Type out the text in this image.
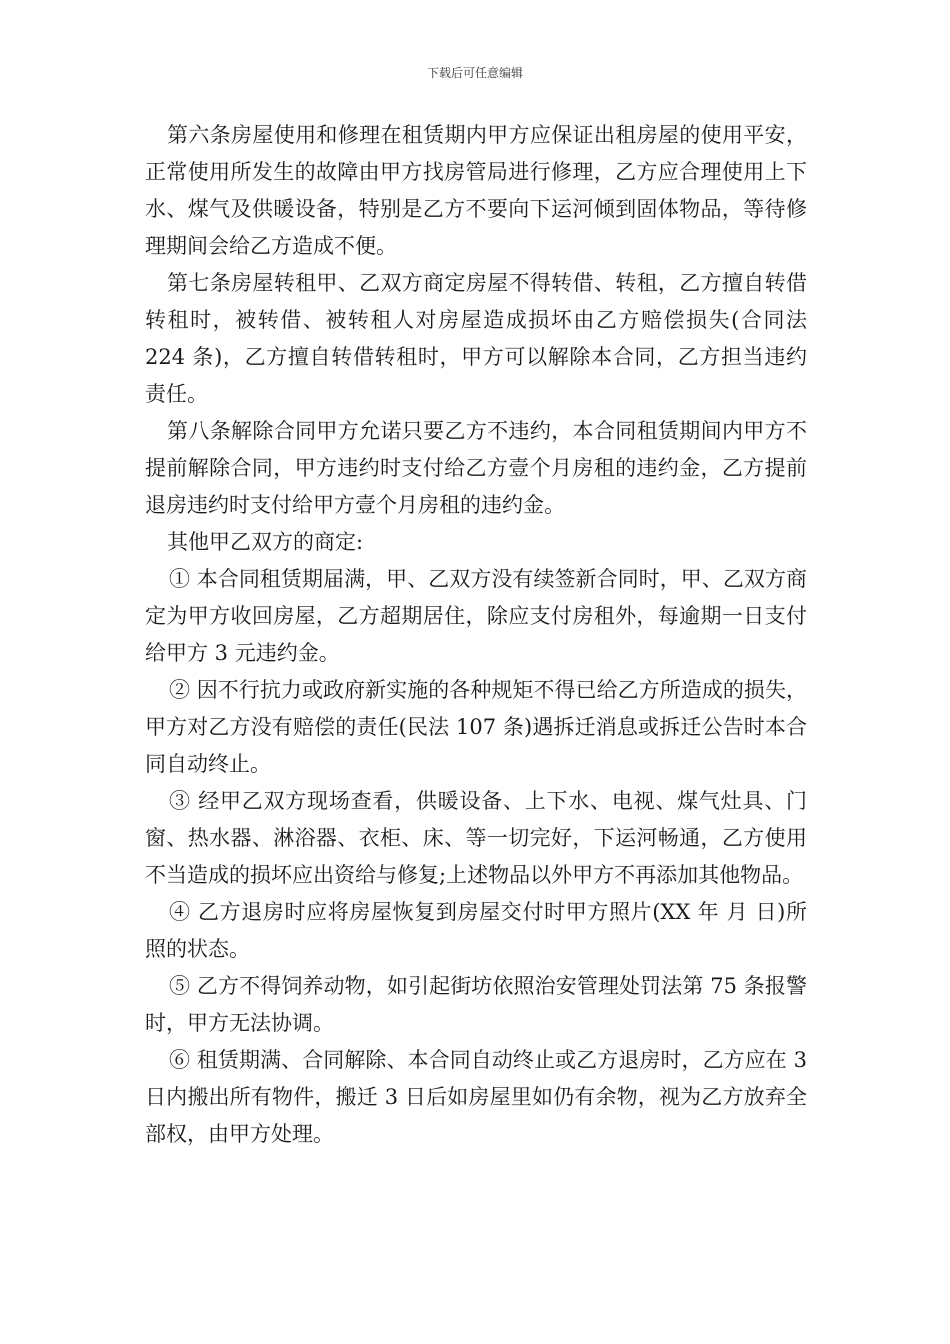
下载后可任意编辑

第六条房屋使用和修理在租赁期内甲方应保证出租房屋的使用平安，正常使用所发生的故障由甲方找房管局进行修理，乙方应合理使用上下水、煤气及供暖设备，特别是乙方不要向下运河倾到固体物品，等待修理期间会给乙方造成不便。

第七条房屋转租甲、乙双方商定房屋不得转借、转租，乙方擅自转借转租时，被转借、被转租人对房屋造成损坏由乙方赔偿损失(合同法 224 条)，乙方擅自转借转租时，甲方可以解除本合同，乙方担当违约责任。

第八条解除合同甲方允诺只要乙方不违约，本合同租赁期间内甲方不提前解除合同，甲方违约时支付给乙方壹个月房租的违约金，乙方提前退房违约时支付给甲方壹个月房租的违约金。

其他甲乙双方的商定:

① 本合同租赁期届满，甲、乙双方没有续签新合同时，甲、乙双方商定为甲方收回房屋，乙方超期居住，除应支付房租外，每逾期一日支付给甲方 3 元违约金。

② 因不行抗力或政府新实施的各种规矩不得已给乙方所造成的损失，甲方对乙方没有赔偿的责任(民法 107 条)遇拆迁消息或拆迁公告时本合同自动终止。

③ 经甲乙双方现场查看，供暖设备、上下水、电视、煤气灶具、门窗、热水器、淋浴器、衣柜、床、等一切完好，下运河畅通，乙方使用不当造成的损坏应出资给与修复;上述物品以外甲方不再添加其他物品。

④ 乙方退房时应将房屋恢复到房屋交付时甲方照片(XX 年 月 日)所照的状态。

⑤ 乙方不得饲养动物，如引起街坊依照治安管理处罚法第 75 条报警时，甲方无法协调。

⑥ 租赁期满、合同解除、本合同自动终止或乙方退房时，乙方应在 3 日内搬出所有物件，搬迁 3 日后如房屋里如仍有余物，视为乙方放弃全部权，由甲方处理。
